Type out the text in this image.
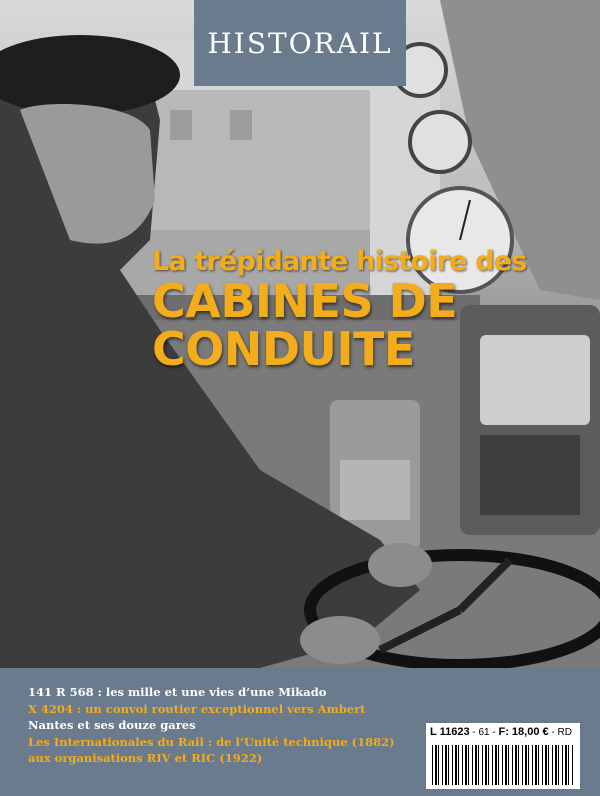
HISTORAIL
La trépidante histoire des
CABINES DE
CONDUITE
141 R 568 : les mille et une vies d’une Mikado
X 4204 : un convoi routier exceptionnel vers Ambert
Nantes et ses douze gares
Les Internationales du Rail : de l’Unité technique (1882)
aux organisations RIV et RIC (1922)
L 11623 - 61 - F: 18,00 € - RD
